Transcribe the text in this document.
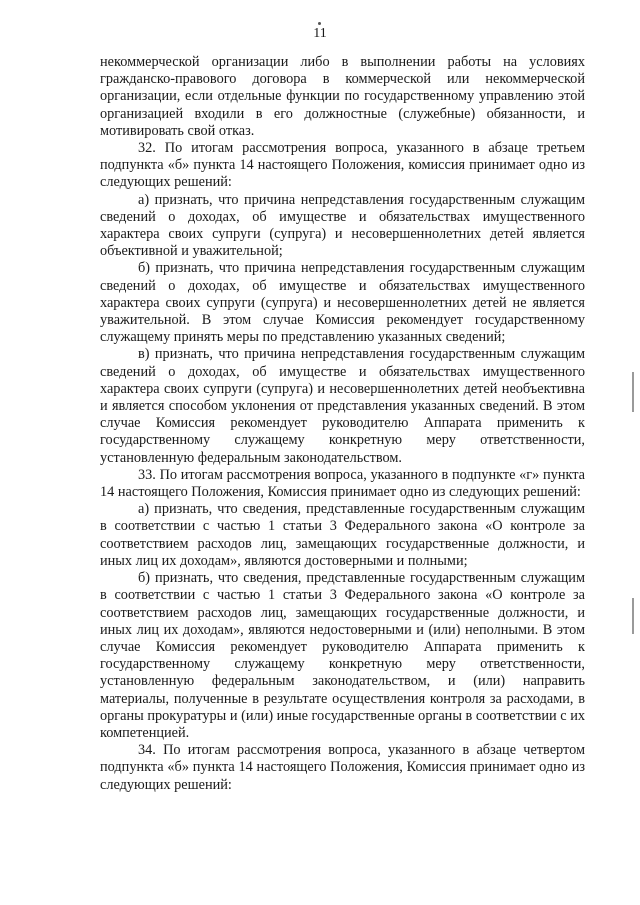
11

некоммерческой организации либо в выполнении работы на условиях гражданско-правового договора в коммерческой или некоммерческой организации, если отдельные функции по государственному управлению этой организацией входили в его должностные (служебные) обязанности, и мотивировать свой отказ.

32. По итогам рассмотрения вопроса, указанного в абзаце третьем подпункта «б» пункта 14 настоящего Положения, комиссия принимает одно из следующих решений:

а) признать, что причина непредставления государственным служащим сведений о доходах, об имуществе и обязательствах имущественного характера своих супруги (супруга) и несовершеннолетних детей является объективной и уважительной;

б) признать, что причина непредставления государственным служащим сведений о доходах, об имуществе и обязательствах имущественного характера своих супруги (супруга) и несовершеннолетних детей не является уважительной. В этом случае Комиссия рекомендует государственному служащему принять меры по представлению указанных сведений;

в) признать, что причина непредставления государственным служащим сведений о доходах, об имуществе и обязательствах имущественного характера своих супруги (супруга) и несовершеннолетних детей необъективна и является способом уклонения от представления указанных сведений. В этом случае Комиссия рекомендует руководителю Аппарата применить к государственному служащему конкретную меру ответственности, установленную федеральным законодательством.

33. По итогам рассмотрения вопроса, указанного в подпункте «г» пункта 14 настоящего Положения, Комиссия принимает одно из следующих решений:

а) признать, что сведения, представленные государственным служащим в соответствии с частью 1 статьи 3 Федерального закона «О контроле за соответствием расходов лиц, замещающих государственные должности, и иных лиц их доходам», являются достоверными и полными;

б) признать, что сведения, представленные государственным служащим в соответствии с частью 1 статьи 3 Федерального закона «О контроле за соответствием расходов лиц, замещающих государственные должности, и иных лиц их доходам», являются недостоверными и (или) неполными. В этом случае Комиссия рекомендует руководителю Аппарата применить к государственному служащему конкретную меру ответственности, установленную федеральным законодательством, и (или) направить материалы, полученные в результате осуществления контроля за расходами, в органы прокуратуры и (или) иные государственные органы в соответствии с их компетенцией.

34. По итогам рассмотрения вопроса, указанного в абзаце четвертом подпункта «б» пункта 14 настоящего Положения, Комиссия принимает одно из следующих решений:
